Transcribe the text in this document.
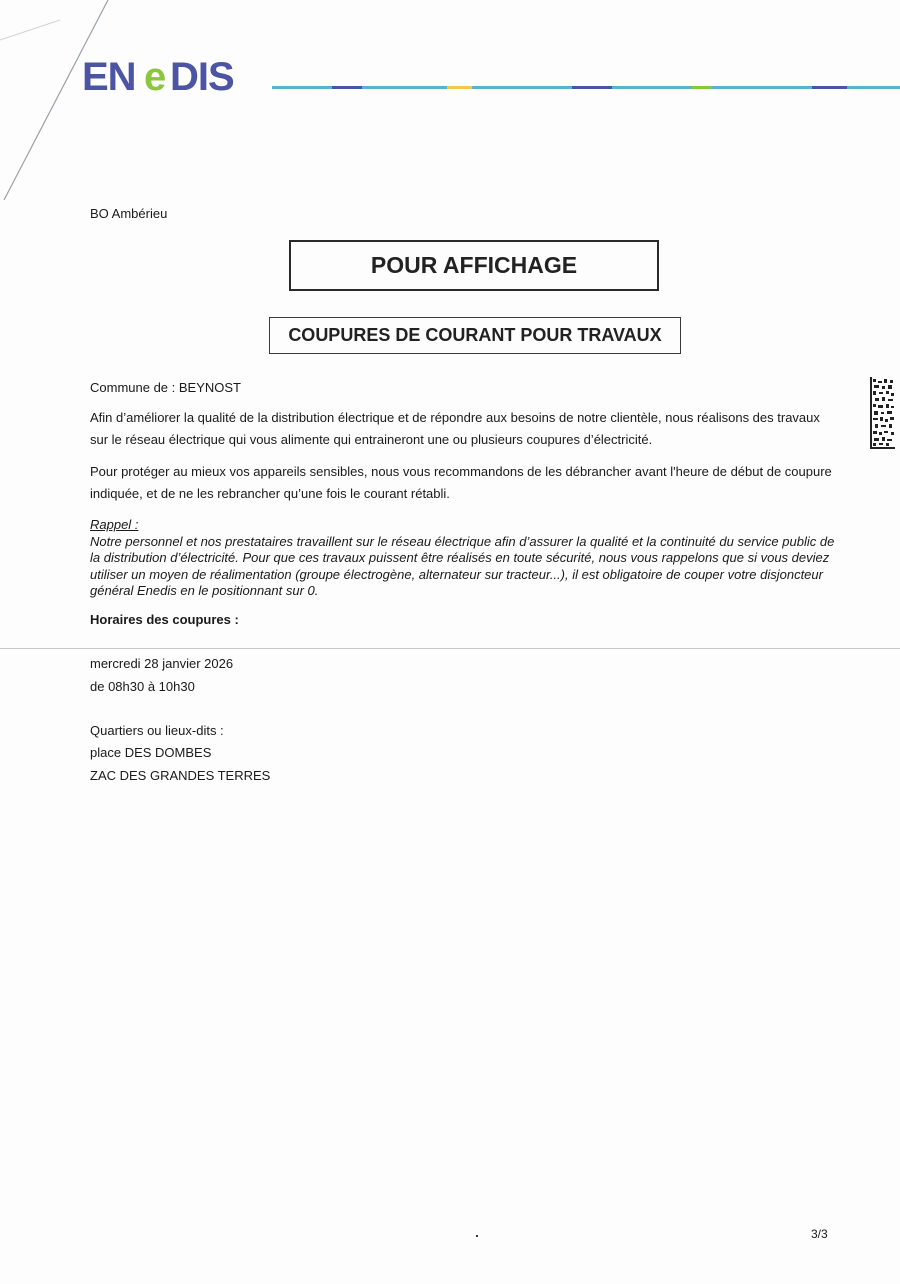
EN e DIS
BO Ambérieu
POUR AFFICHAGE
COUPURES DE COURANT POUR TRAVAUX
Commune de : BEYNOST
Afin d’améliorer la qualité de la distribution électrique et de répondre aux besoins de notre clientèle, nous réalisons des travaux sur le réseau électrique qui vous alimente qui entraineront une ou plusieurs coupures d’électricité.
Pour protéger au mieux vos appareils sensibles, nous vous recommandons de les débrancher avant l'heure de début de coupure indiquée, et de ne les rebrancher qu’une fois le courant rétabli.
Rappel :
Notre personnel et nos prestataires travaillent sur le réseau électrique afin d’assurer la qualité et la continuité du service public de la distribution d’électricité. Pour que ces travaux puissent être réalisés en toute sécurité, nous vous rappelons que si vous deviez utiliser un moyen de réalimentation (groupe électrogène, alternateur sur tracteur...), il est obligatoire de couper votre disjoncteur général Enedis en le positionnant sur 0.
Horaires des coupures :
mercredi 28 janvier 2026
de 08h30 à 10h30
Quartiers ou lieux-dits :
place DES DOMBES
ZAC DES GRANDES TERRES
3/3
